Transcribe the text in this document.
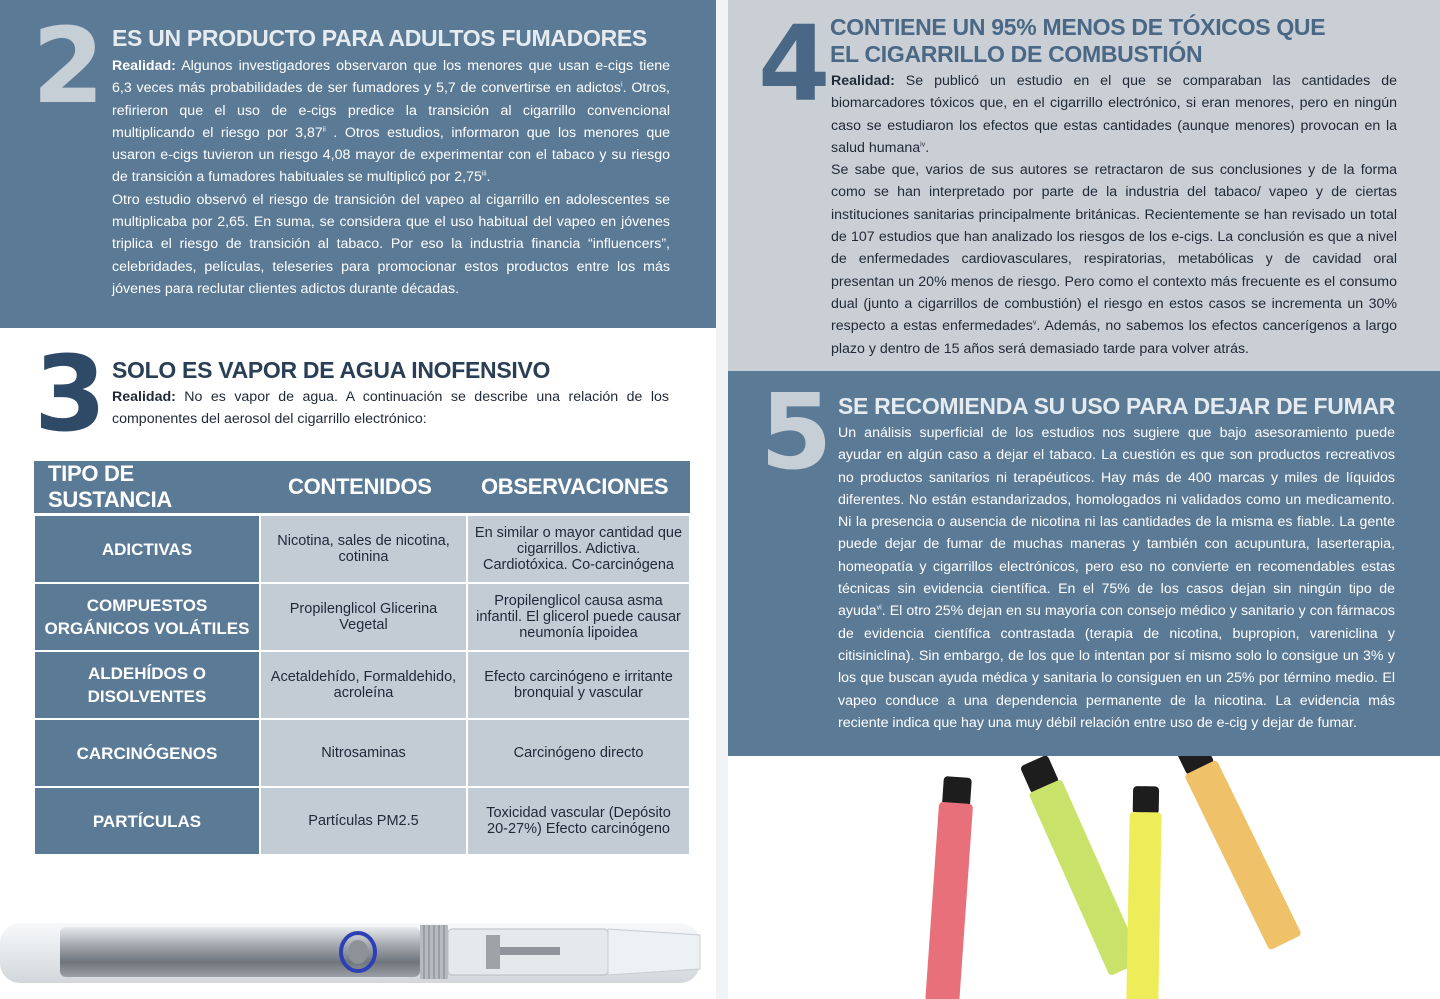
2 ES UN PRODUCTO PARA ADULTOS FUMADORES

Realidad: Algunos investigadores observaron que los menores que usan e-cigs tiene 6,3 veces más probabilidades de ser fumadores y 5,7 de convertirse en adictos$^i$. Otros, refirieron que el uso de e-cigs predice la transición al cigarrillo convencional multiplicando el riesgo por 3,87$^{ii}$ . Otros estudios, informaron que los menores que usaron e-cigs tuvieron un riesgo 4,08 mayor de experimentar con el tabaco y su riesgo de transición a fumadores habituales se multiplicó por 2,75$^{iii}$.

Otro estudio observó el riesgo de transición del vapeo al cigarrillo en adolescentes se multiplicaba por 2,65. En suma, se considera que el uso habitual del vapeo en jóvenes triplica el riesgo de transición al tabaco. Por eso la industria financia “influencers”, celebridades, películas, teleseries para promocionar estos productos entre los más jóvenes para reclutar clientes adictos durante décadas.

3 SOLO ES VAPOR DE AGUA INOFENSIVO

Realidad: No es vapor de agua. A continuación se describe una relación de los componentes del aerosol del cigarrillo electrónico:

TIPO DE SUSTANCIA	CONTENIDOS	OBSERVACIONES
ADICTIVAS	Nicotina, sales de nicotina, cotinina	En similar o mayor cantidad que cigarrillos. Adictiva. Cardiotóxica. Co-carcinógena
COMPUESTOS ORGÁNICOS VOLÁTILES	Propilenglicol Glicerina Vegetal	Propilenglicol causa asma infantil. El glicerol puede causar neumonía lipoidea
ALDEHÍDOS O DISOLVENTES	Acetaldehído, Formaldehido, acroleína	Efecto carcinógeno e irritante bronquial y vascular
CARCINÓGENOS	Nitrosaminas	Carcinógeno directo
PARTÍCULAS	Partículas PM2.5	Toxicidad vascular (Depósito 20-27%) Efecto carcinógeno
4 CONTIENE UN 95% MENOS DE TÓXICOS QUE
EL CIGARRILLO DE COMBUSTIÓN

Realidad: Se publicó un estudio en el que se comparaban las cantidades de biomarcadores tóxicos que, en el cigarrillo electrónico, si eran menores, pero en ningún caso se estudiaron los efectos que estas cantidades (aunque menores) provocan en la salud humana$^{iv}$.

Se sabe que, varios de sus autores se retractaron de sus conclusiones y de la forma como se han interpretado por parte de la industria del tabaco/ vapeo y de ciertas instituciones sanitarias principalmente británicas. Recientemente se han revisado un total de 107 estudios que han analizado los riesgos de los e-cigs. La conclusión es que a nivel de enfermedades cardiovasculares, respiratorias, metabólicas y de cavidad oral presentan un 20% menos de riesgo. Pero como el contexto más frecuente es el consumo dual (junto a cigarrillos de combustión) el riesgo en estos casos se incrementa un 30% respecto a estas enfermedades$^v$. Además, no sabemos los efectos cancerígenos a largo plazo y dentro de 15 años será demasiado tarde para volver atrás.

5 SE RECOMIENDA SU USO PARA DEJAR DE FUMAR

Un análisis superficial de los estudios nos sugiere que bajo asesoramiento puede ayudar en algún caso a dejar el tabaco. La cuestión es que son productos recreativos no productos sanitarios ni terapéuticos. Hay más de 400 marcas y miles de líquidos diferentes. No están estandarizados, homologados ni validados como un medicamento. Ni la presencia o ausencia de nicotina ni las cantidades de la misma es fiable. La gente puede dejar de fumar de muchas maneras y también con acupuntura, laserterapia, homeopatía y cigarrillos electrónicos, pero eso no convierte en recomendables estas técnicas sin evidencia científica. En el 75% de los casos dejan sin ningún tipo de ayuda$^{vi}$. El otro 25% dejan en su mayoría con consejo médico y sanitario y con fármacos de evidencia científica contrastada (terapia de nicotina, bupropion, vareniclina y citisiniclina). Sin embargo, de los que lo intentan por sí mismo solo lo consigue un 3% y los que buscan ayuda médica y sanitaria lo consiguen en un 25% por término medio. El vapeo conduce a una dependencia permanente de la nicotina. La evidencia más reciente indica que hay una muy débil relación entre uso de e-cig y dejar de fumar.
